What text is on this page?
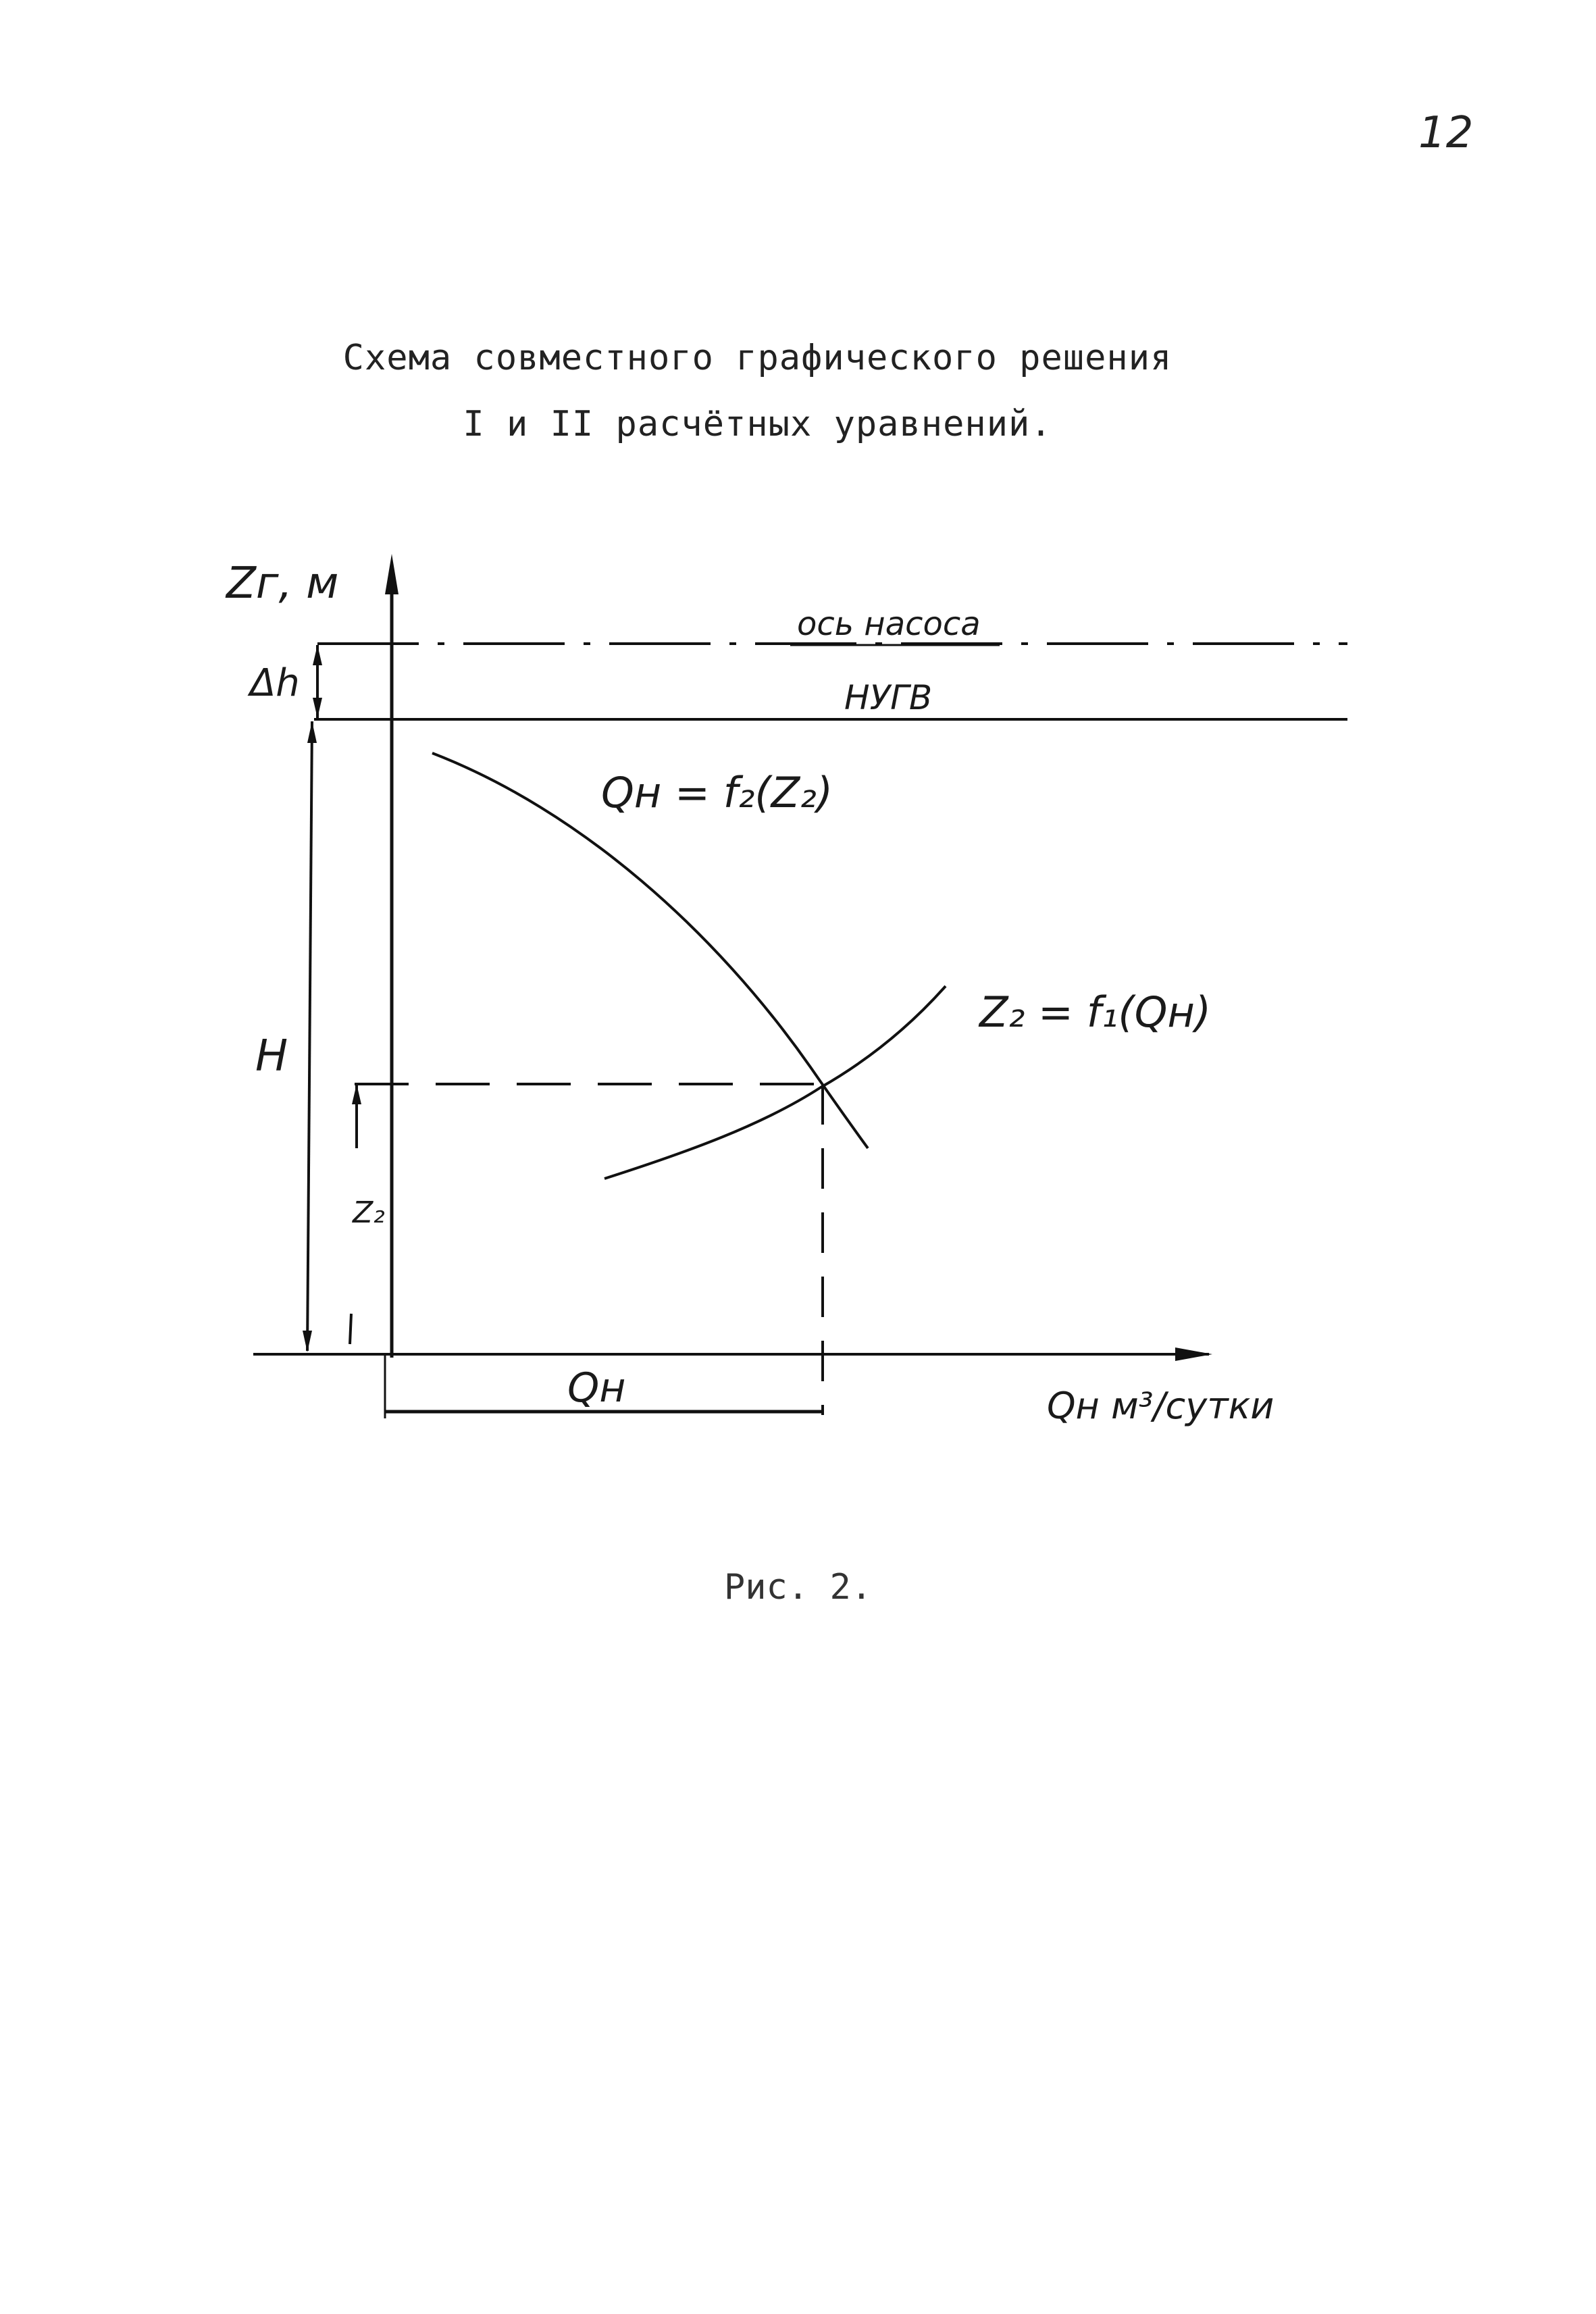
12
Схема совместного графического решения
I и II расчётных уравнений.
Zг, м
ось насоса
НУГВ
Δh
H
Z₂
Qн	Qн м³/сутки
Qн = f₂(Z₂)
Z₂ = f₁(Qн)
Рис. 2.
